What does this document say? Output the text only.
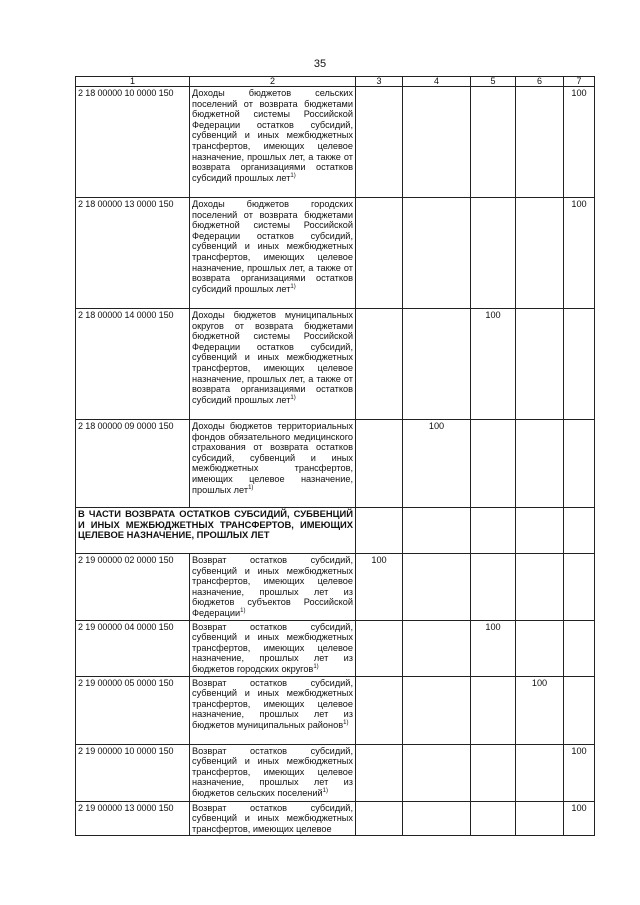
35
1	2	3	4	5	6	7
2 18 00000 10 0000 150	Доходы бюджетов сельских поселений от возврата бюджетами бюджетной системы Российской Федерации остатков субсидий, субвенций и иных межбюджетных трансфертов, имеющих целевое назначение, прошлых лет, а также от возврата организациями остатков субсидий прошлых лет$^{1)}$					100
2 18 00000 13 0000 150	Доходы бюджетов городских поселений от возврата бюджетами бюджетной системы Российской Федерации остатков субсидий, субвенций и иных межбюджетных трансфертов, имеющих целевое назначение, прошлых лет, а также от возврата организациями остатков субсидий прошлых лет$^{1)}$					100
2 18 00000 14 0000 150	Доходы бюджетов муниципальных округов от возврата бюджетами бюджетной системы Российской Федерации остатков субсидий, субвенций и иных межбюджетных трансфертов, имеющих целевое назначение, прошлых лет, а также от возврата организациями остатков субсидий прошлых лет$^{1)}$			100		
2 18 00000 09 0000 150	Доходы бюджетов территориальных фондов обязательного медицинского страхования от возврата остатков субсидий, субвенций и иных межбюджетных трансфертов, имеющих целевое назначение, прошлых лет$^{1)}$		100			
В ЧАСТИ ВОЗВРАТА ОСТАТКОВ СУБСИДИЙ, СУБВЕНЦИЙ И ИНЫХ МЕЖБЮДЖЕТНЫХ ТРАНСФЕРТОВ, ИМЕЮЩИХ ЦЕЛЕВОЕ НАЗНАЧЕНИЕ, ПРОШЛЫХ ЛЕТ						
2 19 00000 02 0000 150	Возврат остатков субсидий, субвенций и иных межбюджетных трансфертов, имеющих целевое назначение, прошлых лет из бюджетов субъектов Российской Федерации$^{1)}$	100				
2 19 00000 04 0000 150	Возврат остатков субсидий, субвенций и иных межбюджетных трансфертов, имеющих целевое назначение, прошлых лет из бюджетов городских округов$^{1)}$			100		
2 19 00000 05 0000 150	Возврат остатков субсидий, субвенций и иных межбюджетных трансфертов, имеющих целевое назначение, прошлых лет из бюджетов муниципальных районов$^{1)}$				100	
2 19 00000 10 0000 150	Возврат остатков субсидий, субвенций и иных межбюджетных трансфертов, имеющих целевое назначение, прошлых лет из бюджетов сельских поселений$^{1)}$					100
2 19 00000 13 0000 150	Возврат остатков субсидий, субвенций и иных межбюджетных трансфертов, имеющих целевое					100
